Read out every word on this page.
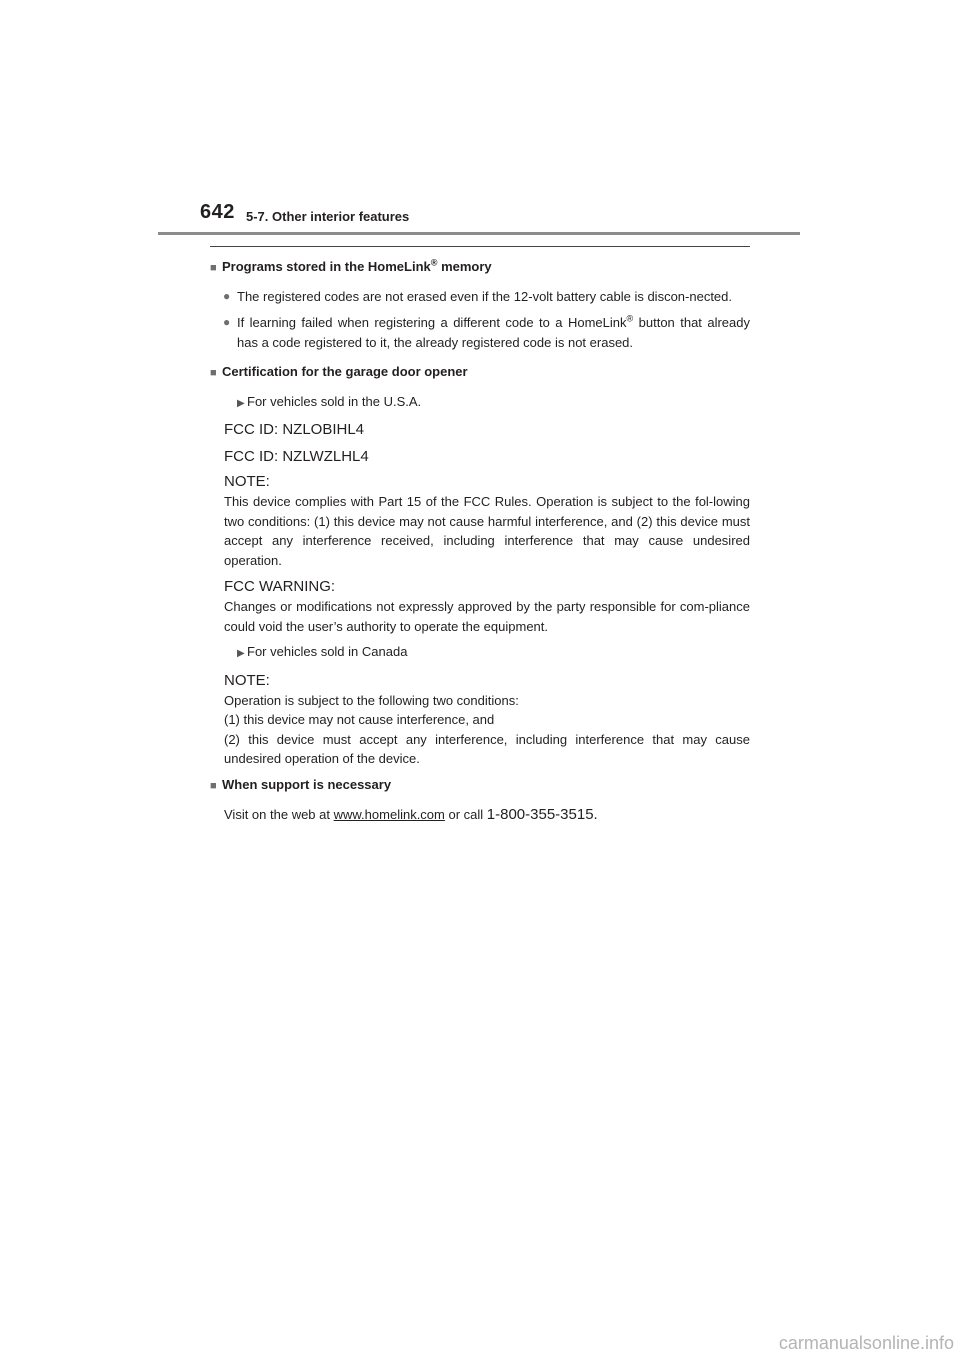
642 5-7. Other interior features
■ Programs stored in the HomeLink® memory
● The registered codes are not erased even if the 12-volt battery cable is discon-nected.
● If learning failed when registering a different code to a HomeLink® button that already has a code registered to it, the already registered code is not erased.
■ Certification for the garage door opener
▶ For vehicles sold in the U.S.A.
FCC ID: NZLOBIHL4
FCC ID: NZLWZLHL4
NOTE:
This device complies with Part 15 of the FCC Rules. Operation is subject to the fol-lowing two conditions: (1) this device may not cause harmful interference, and (2) this device must accept any interference received, including interference that may cause undesired operation.
FCC WARNING:
Changes or modifications not expressly approved by the party responsible for com-pliance could void the user’s authority to operate the equipment.
▶ For vehicles sold in Canada
NOTE:
Operation is subject to the following two conditions:
(1) this device may not cause interference, and
(2) this device must accept any interference, including interference that may cause undesired operation of the device.
■ When support is necessary
Visit on the web at www.homelink.com or call 1-800-355-3515.
carmanualsonline.info
